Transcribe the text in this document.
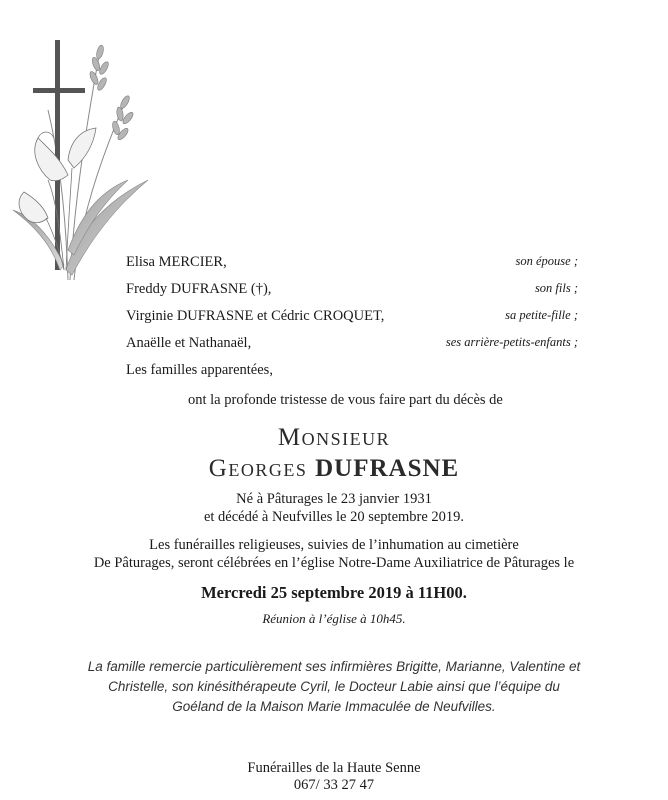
Elisa MERCIER,	son épouse ;
Freddy DUFRASNE (†),	son fils ;
Virginie DUFRASNE et Cédric CROQUET,	sa petite-fille ;
Anaëlle et Nathanaël,	ses arrière-petits-enfants ;
Les familles apparentées,
ont la profonde tristesse de vous faire part du décès de
Monsieur
Georges DUFRASNE
Né à Pâturages le 23 janvier 1931
et décédé à Neufvilles le 20 septembre 2019.
Les funérailles religieuses, suivies de l’inhumation au cimetière
De Pâturages, seront célébrées en l’église Notre-Dame Auxiliatrice de Pâturages le
Mercredi 25 septembre 2019 à 11H00.
Réunion à l’église à 10h45.
La famille remercie particulièrement ses infirmières Brigitte, Marianne, Valentine et
Christelle, son kinésithérapeute Cyril, le Docteur Labie ainsi que l’équipe du
Goéland de la Maison Marie Immaculée de Neufvilles.
Funérailles de la Haute Senne
067/ 33 27 47
